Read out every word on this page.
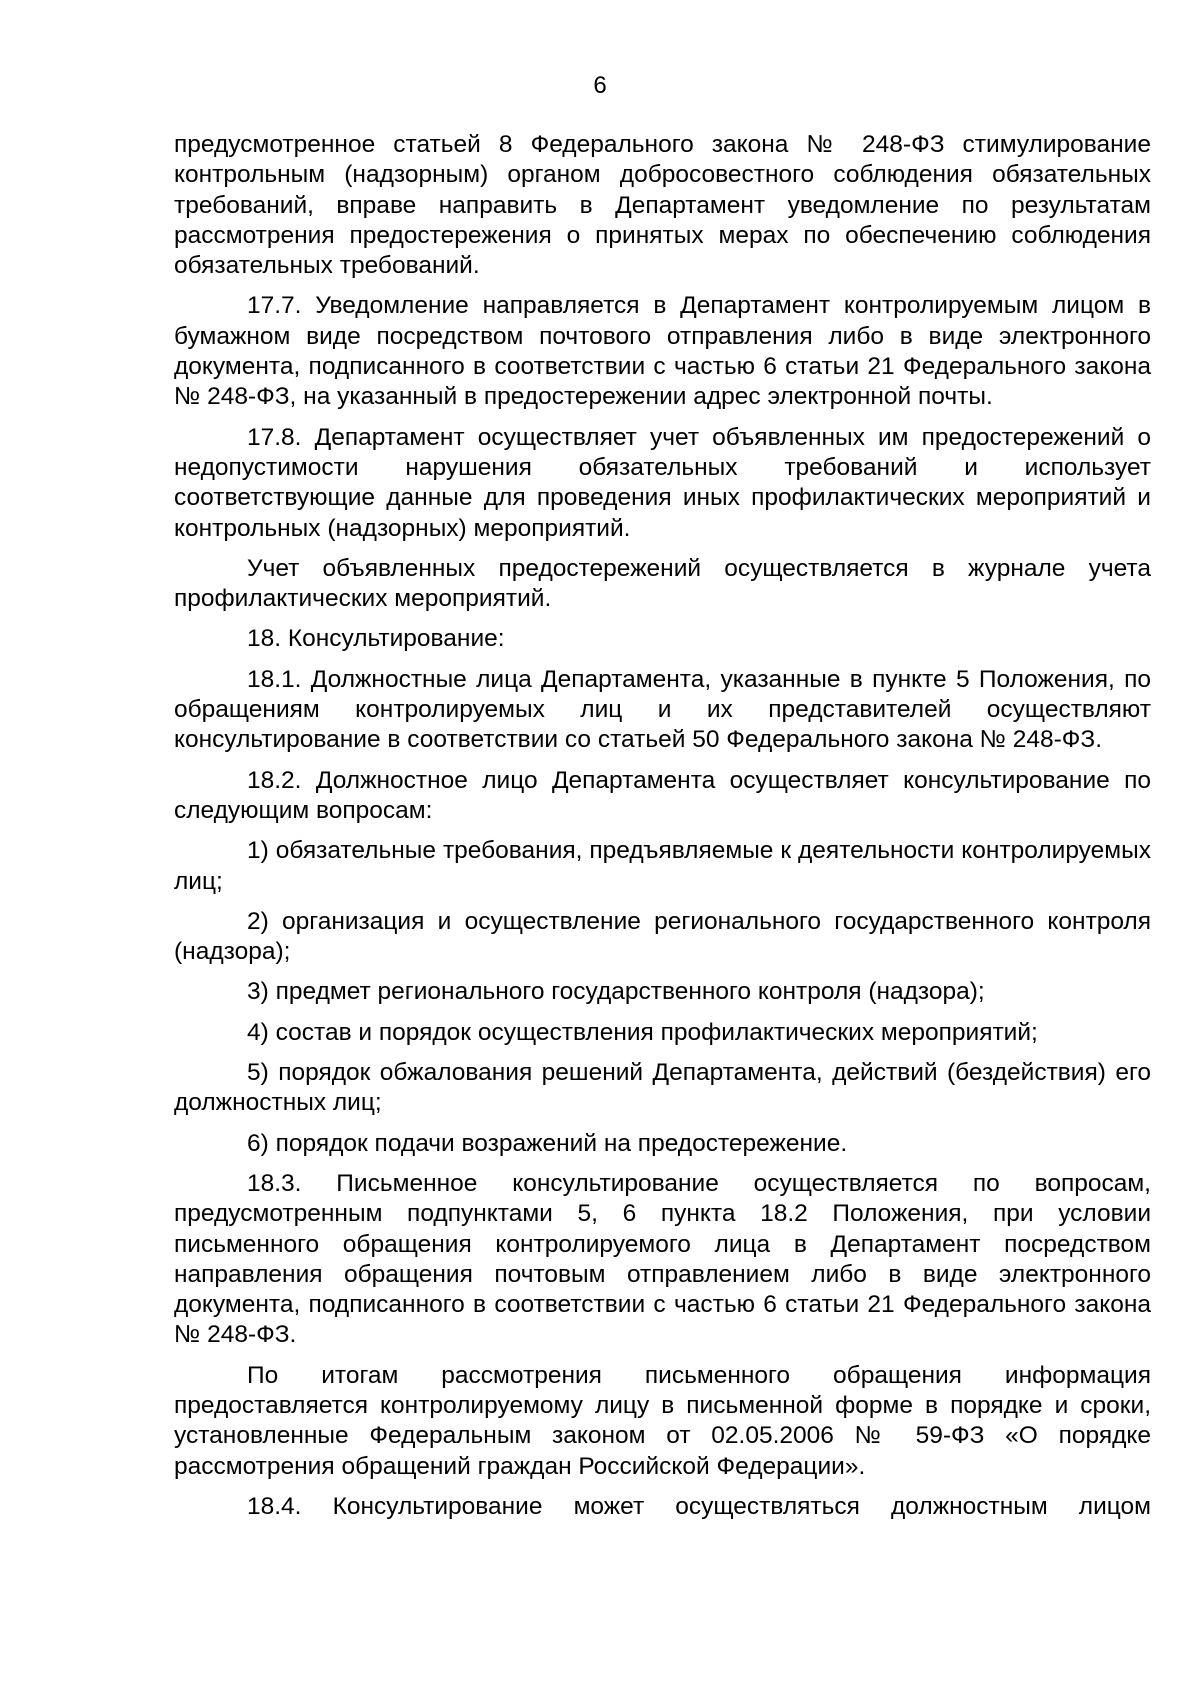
6

предусмотренное статьей 8 Федерального закона № 248-ФЗ стимулирование контрольным (надзорным) органом добросовестного соблюдения обязательных требований, вправе направить в Департамент уведомление по результатам рассмотрения предостережения о принятых мерах по обеспечению соблюдения обязательных требований.

17.7. Уведомление направляется в Департамент контролируемым лицом в бумажном виде посредством почтового отправления либо в виде электронного документа, подписанного в соответствии с частью 6 статьи 21 Федерального закона № 248-ФЗ, на указанный в предостережении адрес электронной почты.

17.8. Департамент осуществляет учет объявленных им предостережений о недопустимости нарушения обязательных требований и использует соответствующие данные для проведения иных профилактических мероприятий и контрольных (надзорных) мероприятий.

Учет объявленных предостережений осуществляется в журнале учета профилактических мероприятий.

18. Консультирование:

18.1. Должностные лица Департамента, указанные в пункте 5 Положения, по обращениям контролируемых лиц и их представителей осуществляют консультирование в соответствии со статьей 50 Федерального закона № 248-ФЗ.

18.2. Должностное лицо Департамента осуществляет консультирование по следующим вопросам:

1) обязательные требования, предъявляемые к деятельности контролируемых лиц;

2) организация и осуществление регионального государственного контроля (надзора);

3) предмет регионального государственного контроля (надзора);

4) состав и порядок осуществления профилактических мероприятий;

5) порядок обжалования решений Департамента, действий (бездействия) его должностных лиц;

6) порядок подачи возражений на предостережение.

18.3. Письменное консультирование осуществляется по вопросам, предусмотренным подпунктами 5, 6 пункта 18.2 Положения, при условии письменного обращения контролируемого лица в Департамент посредством направления обращения почтовым отправлением либо в виде электронного документа, подписанного в соответствии с частью 6 статьи 21 Федерального закона № 248-ФЗ.

По итогам рассмотрения письменного обращения информация предоставляется контролируемому лицу в письменной форме в порядке и сроки, установленные Федеральным законом от 02.05.2006 № 59-ФЗ «О порядке рассмотрения обращений граждан Российской Федерации».

18.4. Консультирование может осуществляться должностным лицом
